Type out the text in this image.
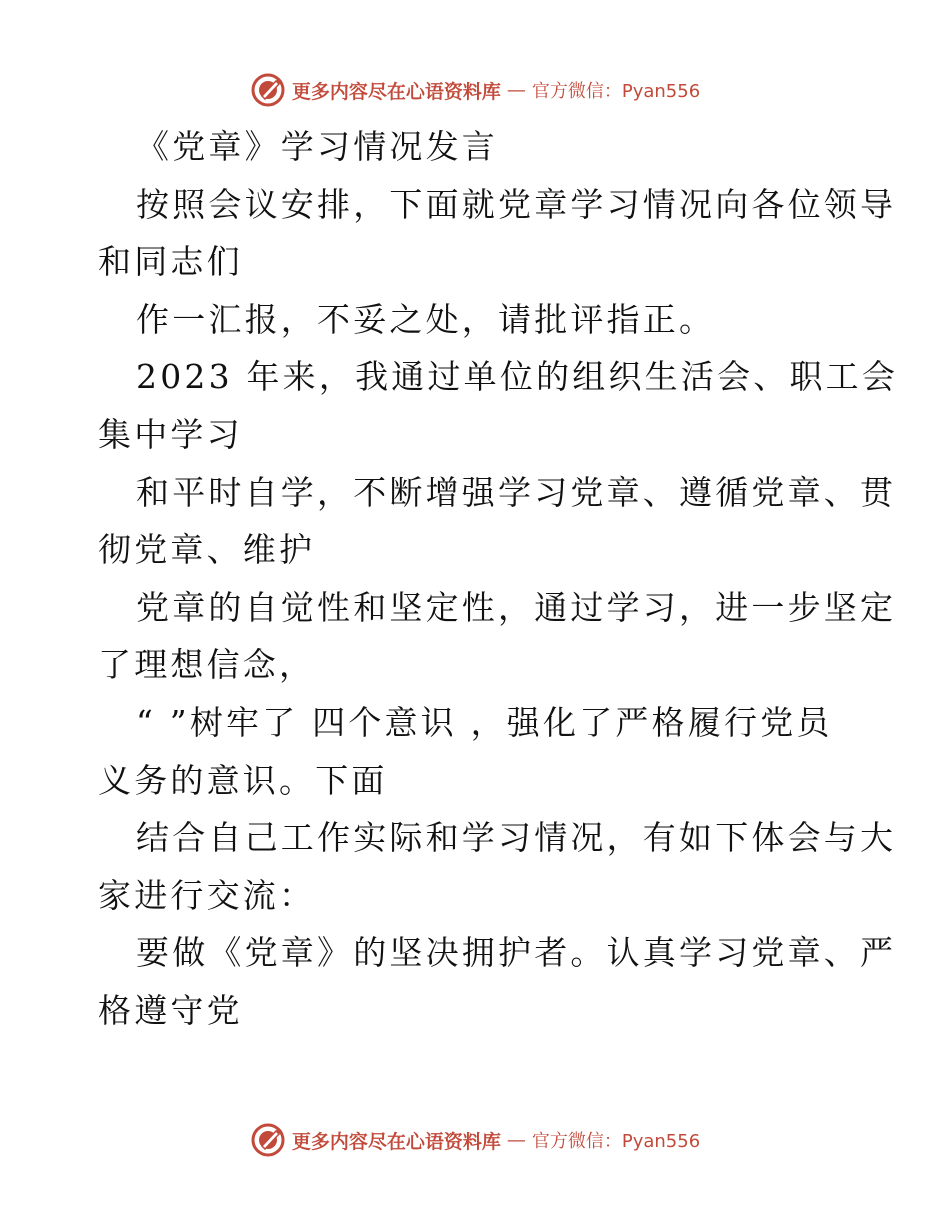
更多内容尽在心语资料库 — 官方微信：Pyan556
《党章》学习情况发言
按照会议安排，下面就党章学习情况向各位领导
和同志们
作一汇报，不妥之处，请批评指正。
2023 年来，我通过单位的组织生活会、职工会
集中学习
和平时自学，不断增强学习党章、遵循党章、贯
彻党章、维护
党章的自觉性和坚定性，通过学习，进一步坚定
了理想信念，
“ ”树牢了 四个意识 ，强化了严格履行党员
义务的意识。下面
结合自己工作实际和学习情况，有如下体会与大
家进行交流：
要做《党章》的坚决拥护者。认真学习党章、严
格遵守党
更多内容尽在心语资料库 — 官方微信：Pyan556
